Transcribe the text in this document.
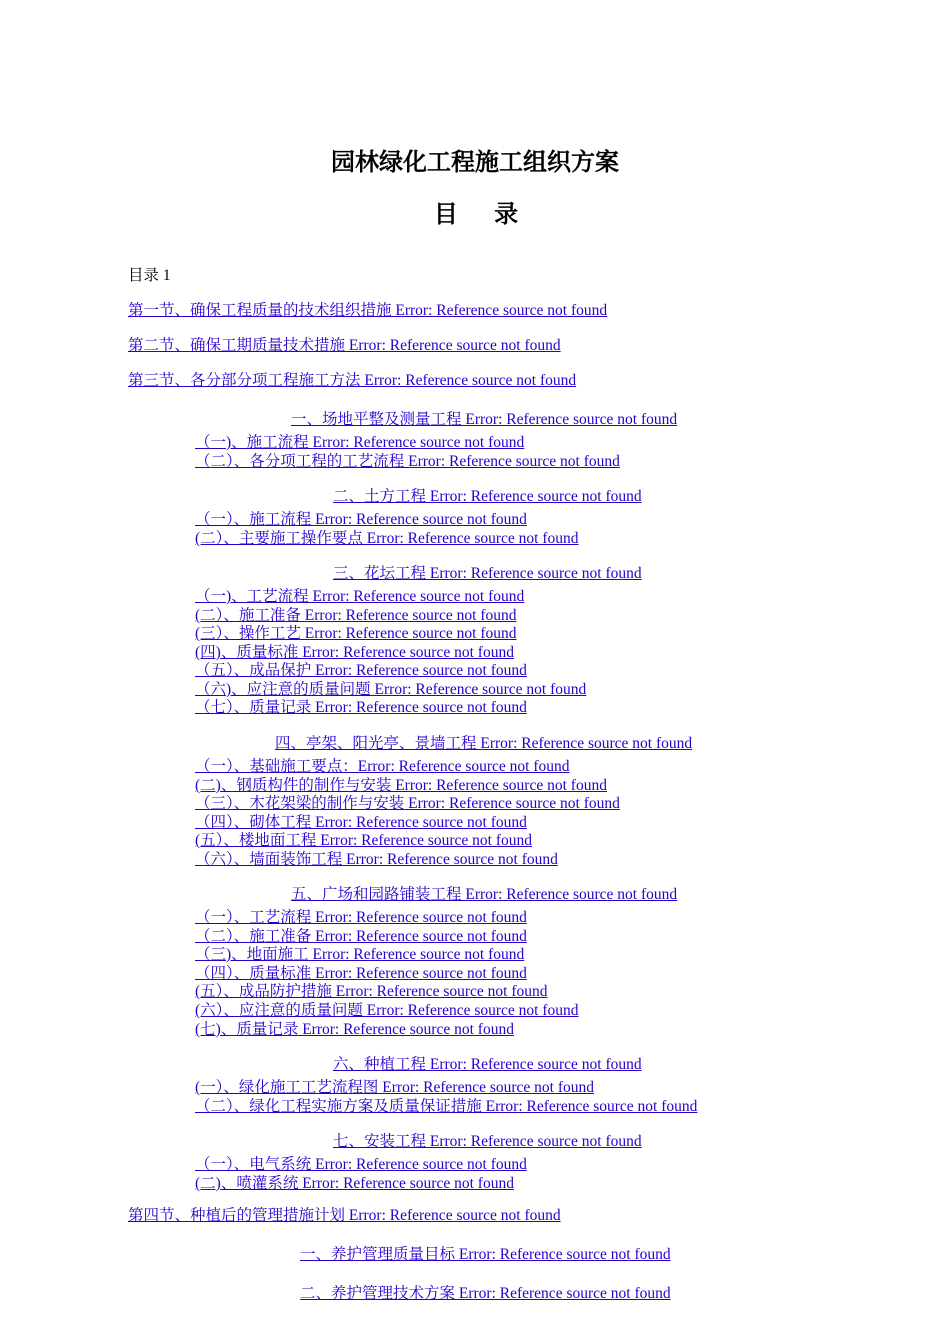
园林绿化工程施工组织方案
目 录
目录 1
第一节、确保工程质量的技术组织措施 Error: Reference source not found
第二节、确保工期质量技术措施 Error: Reference source not found
第三节、各分部分项工程施工方法 Error: Reference source not found
一、场地平整及测量工程 Error: Reference source not found
（一)、施工流程 Error: Reference source not found
（二）、各分项工程的工艺流程 Error: Reference source not found
二、土方工程 Error: Reference source not found
（一）、施工流程 Error: Reference source not found
(二）、主要施工操作要点 Error: Reference source not found
三、花坛工程 Error: Reference source not found
（一)、工艺流程 Error: Reference source not found
(二）、施工准备 Error: Reference source not found
(三）、操作工艺 Error: Reference source not found
(四)、质量标准 Error: Reference source not found
（五）、成品保护 Error: Reference source not found
（六)、应注意的质量问题 Error: Reference source not found
（七）、质量记录 Error: Reference source not found
四、亭架、阳光亭、景墙工程 Error: Reference source not found
（一）、基础施工要点：Error: Reference source not found
(二)、钢质构件的制作与安装 Error: Reference source not found
（三）、木花架梁的制作与安装 Error: Reference source not found
（四）、砌体工程 Error: Reference source not found
(五）、楼地面工程 Error: Reference source not found
（六）、墙面装饰工程 Error: Reference source not found
五、广场和园路铺装工程 Error: Reference source not found
（一）、工艺流程 Error: Reference source not found
（二）、施工准备 Error: Reference source not found
（三)、地面施工 Error: Reference source not found
（四）、质量标准 Error: Reference source not found
(五）、成品防护措施 Error: Reference source not found
(六）、应注意的质量问题 Error: Reference source not found
(七)、质量记录 Error: Reference source not found
六、种植工程 Error: Reference source not found
(一）、绿化施工工艺流程图 Error: Reference source not found
（二）、绿化工程实施方案及质量保证措施 Error: Reference source not found
七、安装工程 Error: Reference source not found
（一）、电气系统 Error: Reference source not found
(二)、喷灌系统 Error: Reference source not found
第四节、种植后的管理措施计划 Error: Reference source not found
一、养护管理质量目标 Error: Reference source not found
二、养护管理技术方案 Error: Reference source not found
